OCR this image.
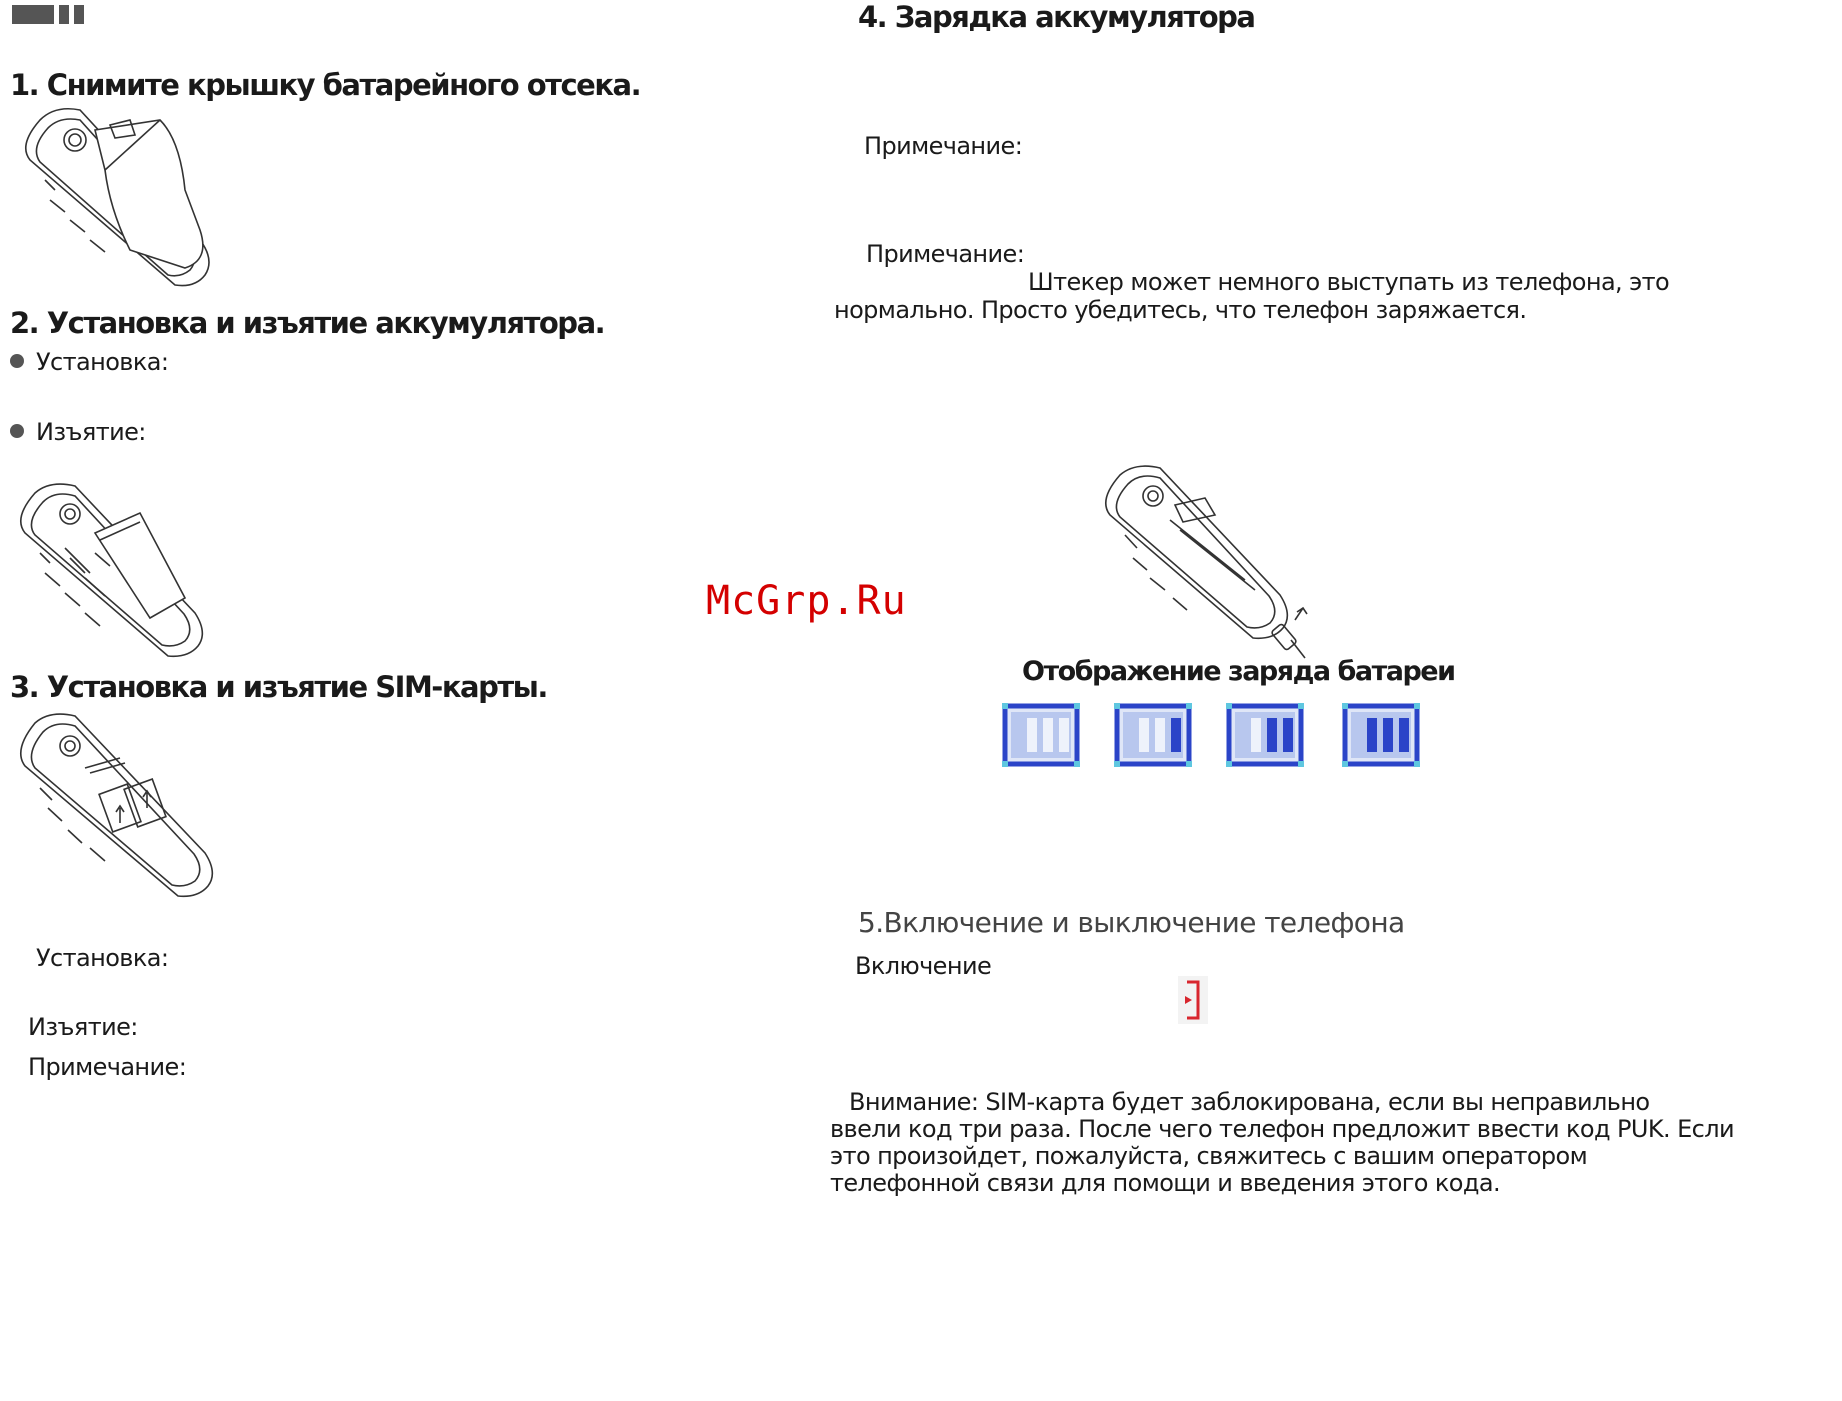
1. Снимите крышку батарейного отсека.
2. Установка и изъятие аккумулятора.
Установка:
Изъятие:
3. Установка и изъятие SIM-карты.
Установка:
Изъятие:
Примечание:
McGrp.Ru
4. Зарядка аккумулятора
Примечание:
Примечание:
Штекер может немного выступать из телефона, это
нормально. Просто убедитесь, что телефон заряжается.
Отображение заряда батареи
5.Включение и выключение телефона
Включение
Внимание: SIM-карта будет заблокирована, если вы неправильно
ввели код три раза. После чего телефон предложит ввести код PUK. Если
это произойдет, пожалуйста, свяжитесь с вашим оператором
телефонной связи для помощи и введения этого кода.
